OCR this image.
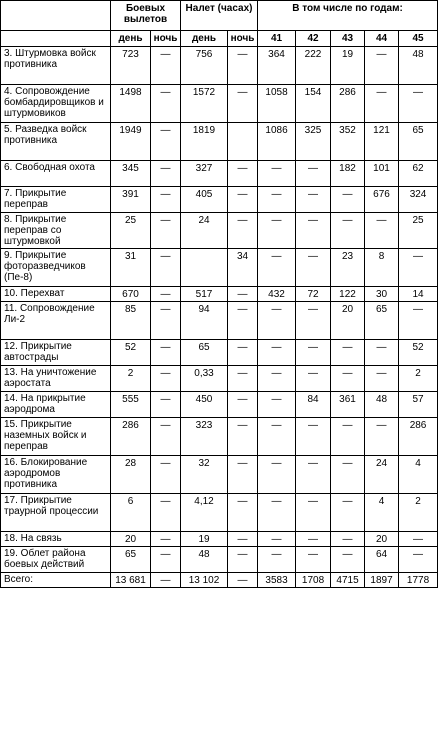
	Боевых вылетов		Налет (часах)		В том числе по годам:				
	день	ночь	день	ночь	41	42	43	44	45
3. Штурмовка войск противника	723	—	756	—	364	222	19	—	48
4. Сопровождение бомбардировщиков и штурмовиков	1498	—	1572	—	1058	154	286	—	—
5. Разведка войск противника	1949	—	1819		1086	325	352	121	65
6. Свободная охота	345	—	327	—	—	—	182	101	62
7. Прикрытие переправ	391	—	405	—	—	—	—	676	324
8. Прикрытие переправ со штурмовкой	25	—	24	—	—	—	—	—	25
9. Прикрытие фоторазведчиков (Пе-8)	31	—		34	—	—	23	8	—
10. Перехват	670	—	517	—	432	72	122	30	14
11. Сопровождение Ли-2	85	—	94	—	—	—	20	65	—
12. Прикрытие автострады	52	—	65	—	—	—	—	—	52
13. На уничтожение аэростата	2	—	0,33	—	—	—	—	—	2
14. На прикрытие аэродрома	555	—	450	—	—	84	361	48	57
15. Прикрытие наземных войск и переправ	286	—	323	—	—	—	—	—	286
16. Блокирование аэродромов противника	28	—	32	—	—	—	—	24	4
17. Прикрытие траурной процессии	6	—	4,12	—	—	—	—	4	2
18. На связь	20	—	19	—	—	—	—	20	—
19. Облет района боевых действий	65	—	48	—	—	—	—	64	—
Всего:	13 681	—	13 102	—	3583	1708	4715	1897	1778
